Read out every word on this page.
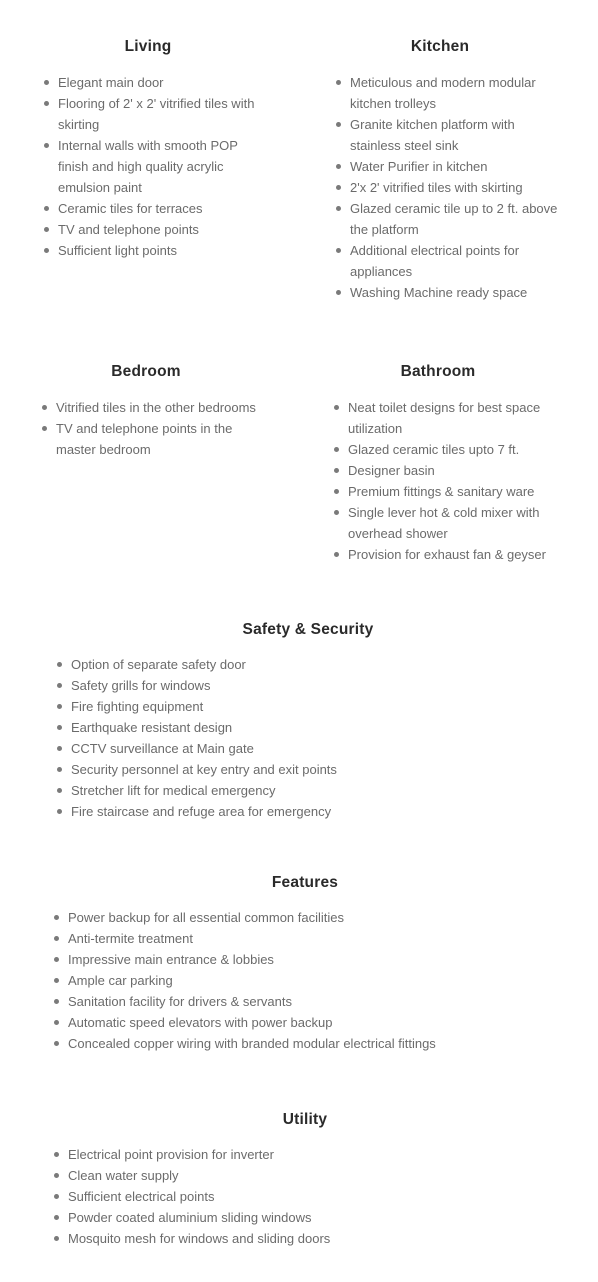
Living
Elegant main door
Flooring of 2' x 2' vitrified tiles with
skirting
Internal walls with smooth POP
finish and high quality acrylic
emulsion paint
Ceramic tiles for terraces
TV and telephone points
Sufficient light points
Kitchen
Meticulous and modern modular
kitchen trolleys
Granite kitchen platform with
stainless steel sink
Water Purifier in kitchen
2'x 2' vitrified tiles with skirting
Glazed ceramic tile up to 2 ft. above
the platform
Additional electrical points for
appliances
Washing Machine ready space
Bedroom
Vitrified tiles in the other bedrooms
TV and telephone points in the
master bedroom
Bathroom
Neat toilet designs for best space
utilization
Glazed ceramic tiles upto 7 ft.
Designer basin
Premium fittings & sanitary ware
Single lever hot & cold mixer with
overhead shower
Provision for exhaust fan & geyser
Safety & Security
Option of separate safety door
Safety grills for windows
Fire fighting equipment
Earthquake resistant design
CCTV surveillance at Main gate
Security personnel at key entry and exit points
Stretcher lift for medical emergency
Fire staircase and refuge area for emergency
Features
Power backup for all essential common facilities
Anti-termite treatment
Impressive main entrance & lobbies
Ample car parking
Sanitation facility for drivers & servants
Automatic speed elevators with power backup
Concealed copper wiring with branded modular electrical fittings
Utility
Electrical point provision for inverter
Clean water supply
Sufficient electrical points
Powder coated aluminium sliding windows
Mosquito mesh for windows and sliding doors
